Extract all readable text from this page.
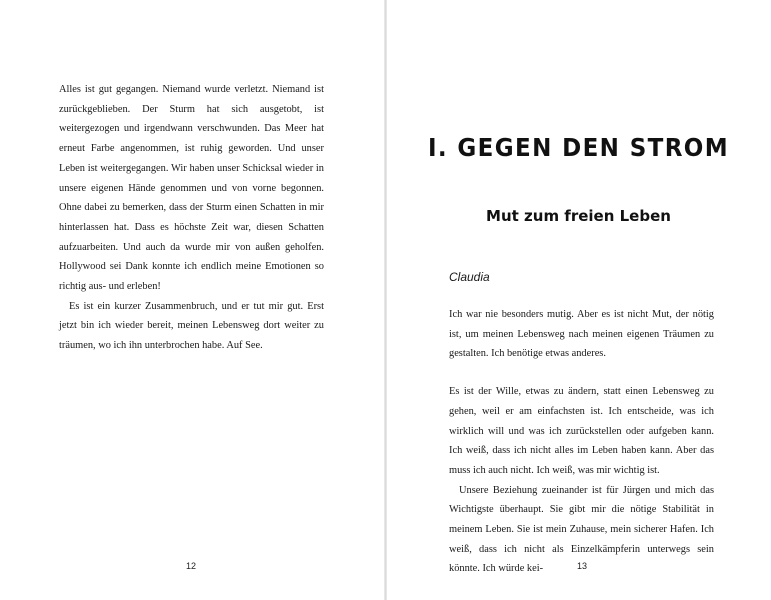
Alles ist gut gegangen. Niemand wurde verletzt. Niemand ist zurückgeblieben. Der Sturm hat sich ausgetobt, ist weitergezogen und irgendwann verschwunden. Das Meer hat erneut Farbe angenommen, ist ruhig geworden. Und unser Leben ist weitergegangen. Wir haben unser Schicksal wieder in unsere eigenen Hände genommen und von vorne begonnen. Ohne dabei zu bemerken, dass der Sturm einen Schatten in mir hinterlassen hat. Dass es höchste Zeit war, diesen Schatten aufzuarbeiten. Und auch da wurde mir von außen geholfen. Hollywood sei Dank konnte ich endlich meine Emotionen so richtig aus- und erleben!

Es ist ein kurzer Zusammenbruch, und er tut mir gut. Erst jetzt bin ich wieder bereit, meinen Lebensweg dort weiter zu träumen, wo ich ihn unterbrochen habe. Auf See.

12
I. GEGEN DEN STROM
Mut zum freien Leben
Claudia

Ich war nie besonders mutig. Aber es ist nicht Mut, der nötig ist, um meinen Lebensweg nach meinen eigenen Träumen zu gestalten. Ich benötige etwas anderes.

Es ist der Wille, etwas zu ändern, statt einen Lebensweg zu gehen, weil er am einfachsten ist. Ich entscheide, was ich wirklich will und was ich zurückstellen oder aufgeben kann. Ich weiß, dass ich nicht alles im Leben haben kann. Aber das muss ich auch nicht. Ich weiß, was mir wichtig ist.

Unsere Beziehung zueinander ist für Jürgen und mich das Wichtigste überhaupt. Sie gibt mir die nötige Stabilität in meinem Leben. Sie ist mein Zuhause, mein sicherer Hafen. Ich weiß, dass ich nicht als Einzelkämpferin unterwegs sein könnte. Ich würde kei-	13
